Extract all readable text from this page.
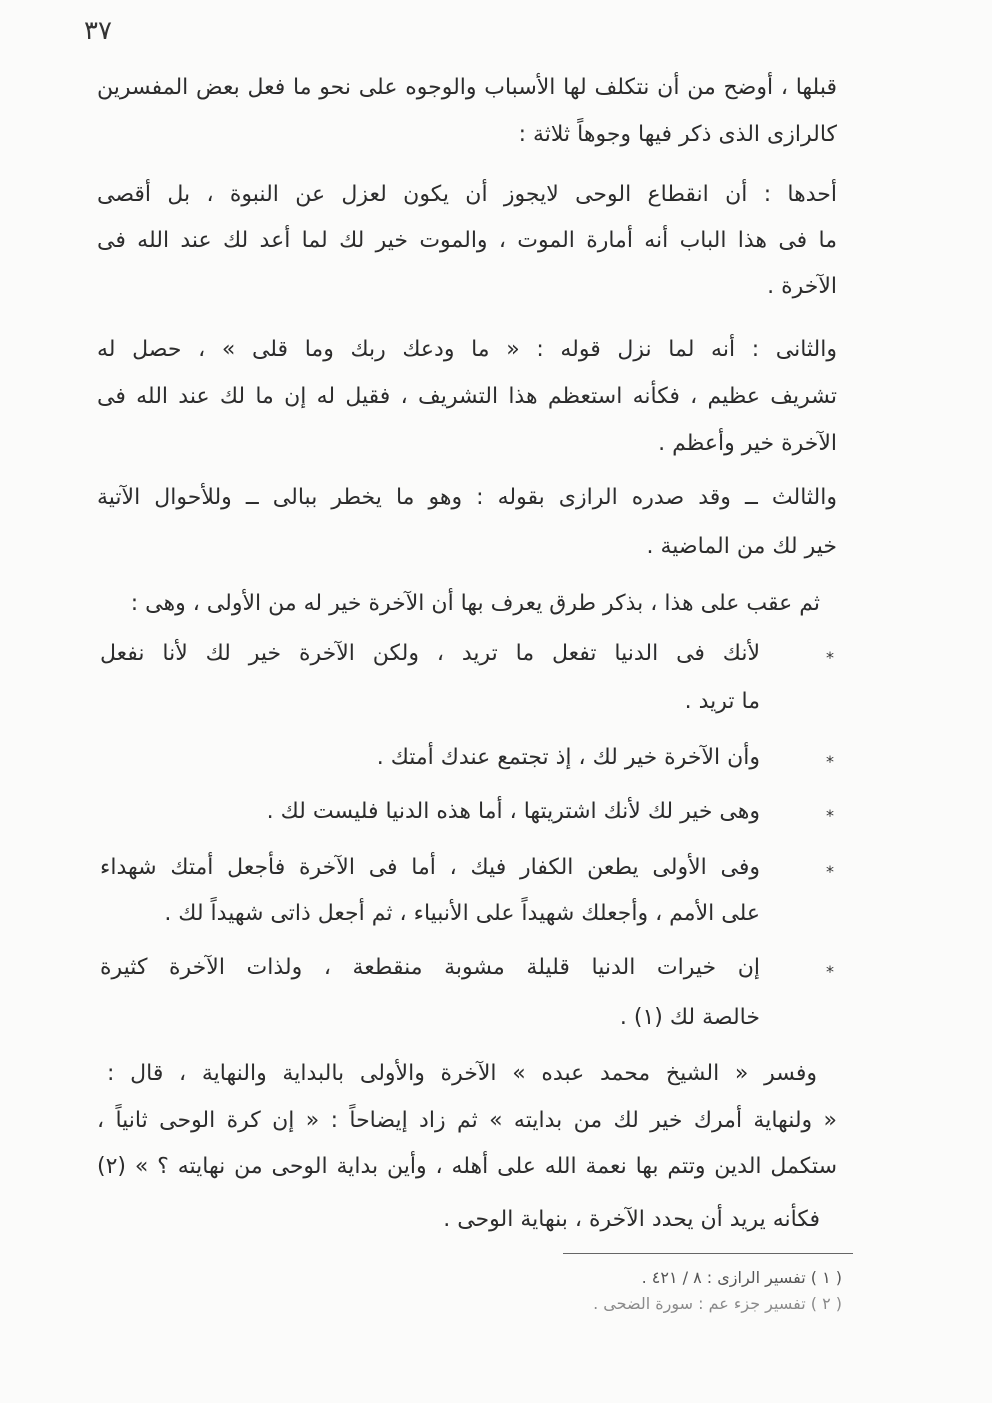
٣٧
قبلها ، أوضح من أن نتكلف لها الأسباب والوجوه على نحو ما فعل بعض المفسرين
كالرازى الذى ذكر فيها وجوهاً ثلاثة :
أحدها : أن انقطاع الوحى لايجوز أن يكون لعزل عن النبوة ، بل أقصى
ما فى هذا الباب أنه أمارة الموت ، والموت خير لك لما أعد لك عند الله فى
الآخرة .
والثانى : أنه لما نزل قوله : « ما ودعك ربك وما قلى » ، حصل له
تشريف عظيم ، فكأنه استعظم هذا التشريف ، فقيل له إن ما لك عند الله فى
الآخرة خير وأعظم .
والثالث ــ وقد صدره الرازى بقوله : وهو ما يخطر ببالى ــ وللأحوال الآتية
خير لك من الماضية .
ثم عقب على هذا ، بذكر طرق يعرف بها أن الآخرة خير له من الأولى ، وهى :
*
لأنك فى الدنيا تفعل ما تريد ، ولكن الآخرة خير لك لأنا نفعل
ما تريد .
*
وأن الآخرة خير لك ، إذ تجتمع عندك أمتك .
*
وهى خير لك لأنك اشتريتها ، أما هذه الدنيا فليست لك .
*
وفى الأولى يطعن الكفار فيك ، أما فى الآخرة فأجعل أمتك شهداء
على الأمم ، وأجعلك شهيداً على الأنبياء ، ثم أجعل ذاتى شهيداً لك .
*
إن خيرات الدنيا قليلة مشوبة منقطعة ، ولذات الآخرة كثيرة
خالصة لك (١) .
وفسر « الشيخ محمد عبده » الآخرة والأولى بالبداية والنهاية ، قال :
« ولنهاية أمرك خير لك من بدايته » ثم زاد إيضاحاً : « إن كرة الوحى ثانياً ،
ستكمل الدين وتتم بها نعمة الله على أهله ، وأين بداية الوحى من نهايته ؟ » (٢)
فكأنه يريد أن يحدد الآخرة ، بنهاية الوحى .
( ١ ) تفسير الرازى : ٨ / ٤٢١ .
( ٢ ) تفسير جزء عم : سورة الضحى .
